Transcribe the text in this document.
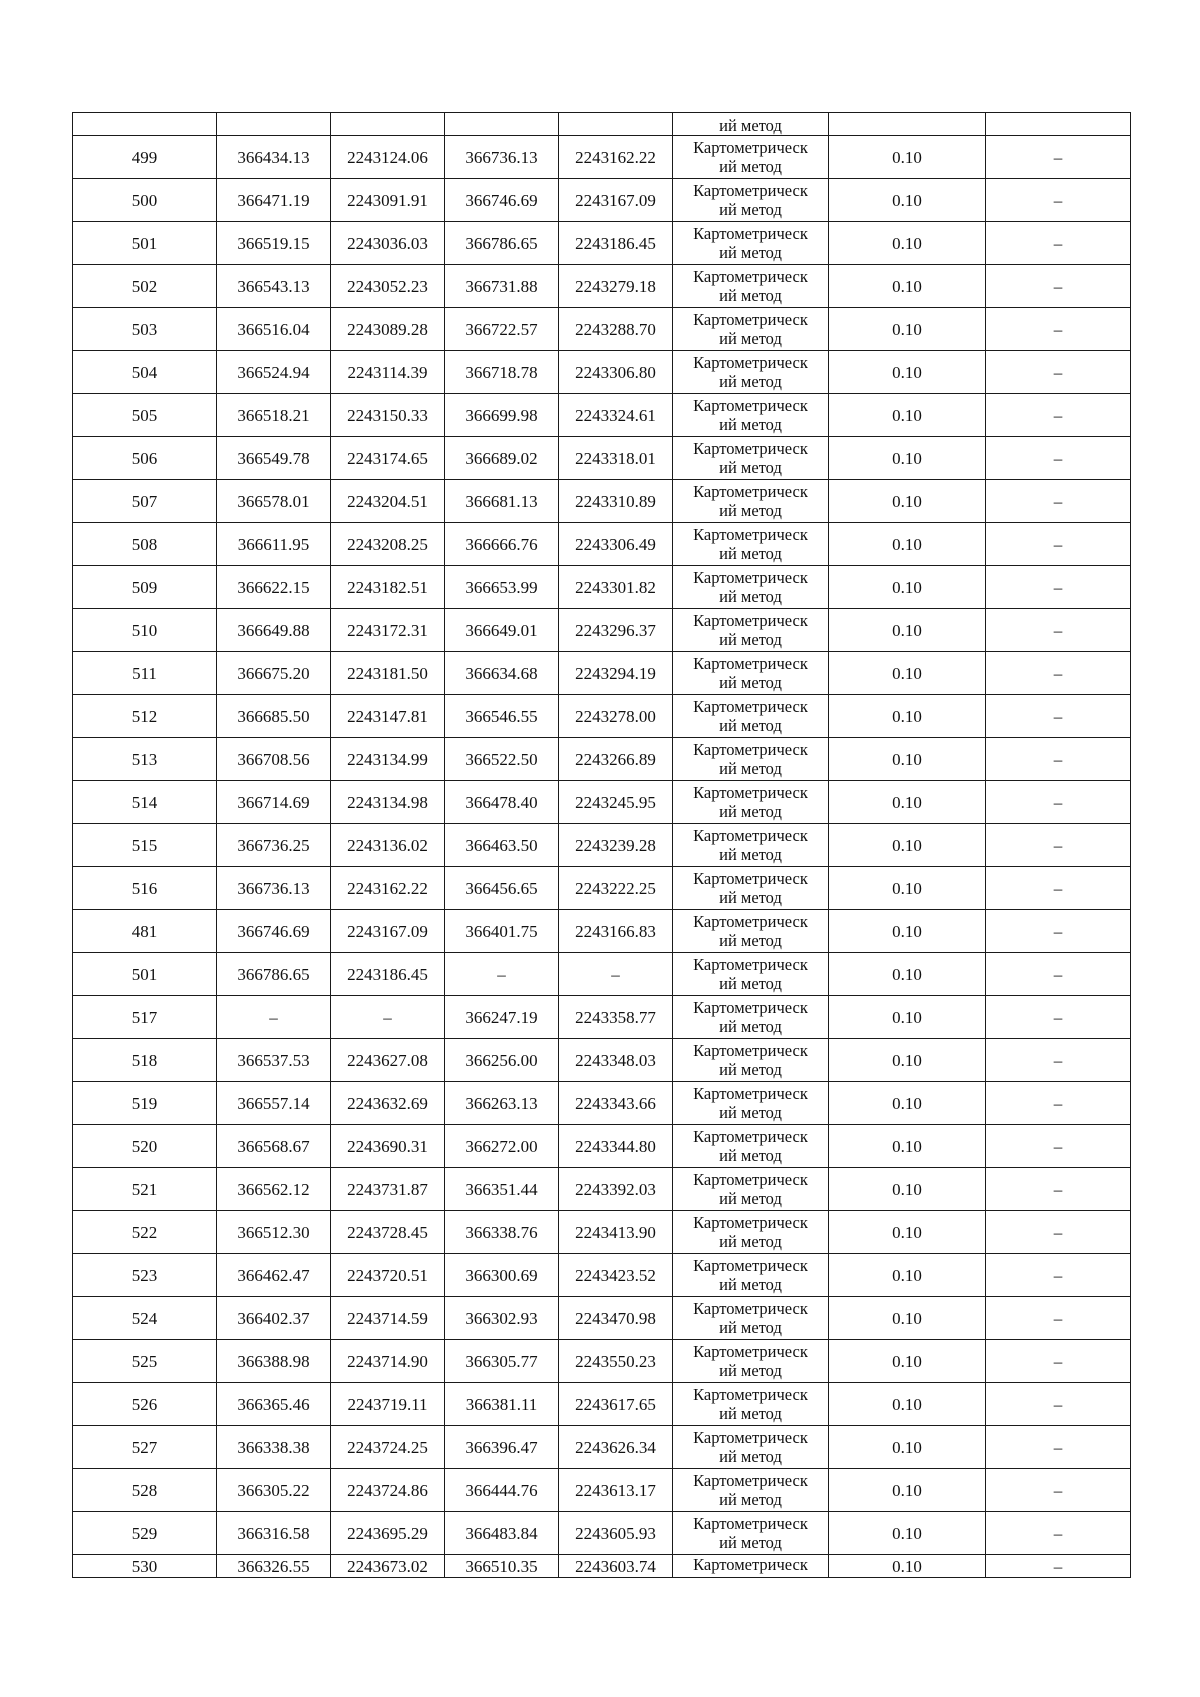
					ий метод		

499	366434.13	2243124.06	366736.13	2243162.22	Картометрическ
ий метод	0.10	–
500	366471.19	2243091.91	366746.69	2243167.09	Картометрическ
ий метод	0.10	–
501	366519.15	2243036.03	366786.65	2243186.45	Картометрическ
ий метод	0.10	–
502	366543.13	2243052.23	366731.88	2243279.18	Картометрическ
ий метод	0.10	–
503	366516.04	2243089.28	366722.57	2243288.70	Картометрическ
ий метод	0.10	–
504	366524.94	2243114.39	366718.78	2243306.80	Картометрическ
ий метод	0.10	–
505	366518.21	2243150.33	366699.98	2243324.61	Картометрическ
ий метод	0.10	–
506	366549.78	2243174.65	366689.02	2243318.01	Картометрическ
ий метод	0.10	–
507	366578.01	2243204.51	366681.13	2243310.89	Картометрическ
ий метод	0.10	–
508	366611.95	2243208.25	366666.76	2243306.49	Картометрическ
ий метод	0.10	–
509	366622.15	2243182.51	366653.99	2243301.82	Картометрическ
ий метод	0.10	–
510	366649.88	2243172.31	366649.01	2243296.37	Картометрическ
ий метод	0.10	–
511	366675.20	2243181.50	366634.68	2243294.19	Картометрическ
ий метод	0.10	–
512	366685.50	2243147.81	366546.55	2243278.00	Картометрическ
ий метод	0.10	–
513	366708.56	2243134.99	366522.50	2243266.89	Картометрическ
ий метод	0.10	–
514	366714.69	2243134.98	366478.40	2243245.95	Картометрическ
ий метод	0.10	–
515	366736.25	2243136.02	366463.50	2243239.28	Картометрическ
ий метод	0.10	–
516	366736.13	2243162.22	366456.65	2243222.25	Картометрическ
ий метод	0.10	–
481	366746.69	2243167.09	366401.75	2243166.83	Картометрическ
ий метод	0.10	–
501	366786.65	2243186.45	–	–	Картометрическ
ий метод	0.10	–
517	–	–	366247.19	2243358.77	Картометрическ
ий метод	0.10	–
518	366537.53	2243627.08	366256.00	2243348.03	Картометрическ
ий метод	0.10	–
519	366557.14	2243632.69	366263.13	2243343.66	Картометрическ
ий метод	0.10	–
520	366568.67	2243690.31	366272.00	2243344.80	Картометрическ
ий метод	0.10	–
521	366562.12	2243731.87	366351.44	2243392.03	Картометрическ
ий метод	0.10	–
522	366512.30	2243728.45	366338.76	2243413.90	Картометрическ
ий метод	0.10	–
523	366462.47	2243720.51	366300.69	2243423.52	Картометрическ
ий метод	0.10	–
524	366402.37	2243714.59	366302.93	2243470.98	Картометрическ
ий метод	0.10	–
525	366388.98	2243714.90	366305.77	2243550.23	Картометрическ
ий метод	0.10	–
526	366365.46	2243719.11	366381.11	2243617.65	Картометрическ
ий метод	0.10	–
527	366338.38	2243724.25	366396.47	2243626.34	Картометрическ
ий метод	0.10	–
528	366305.22	2243724.86	366444.76	2243613.17	Картометрическ
ий метод	0.10	–
529	366316.58	2243695.29	366483.84	2243605.93	Картометрическ
ий метод	0.10	–
530	366326.55	2243673.02	366510.35	2243603.74	Картометрическ	0.10	–
